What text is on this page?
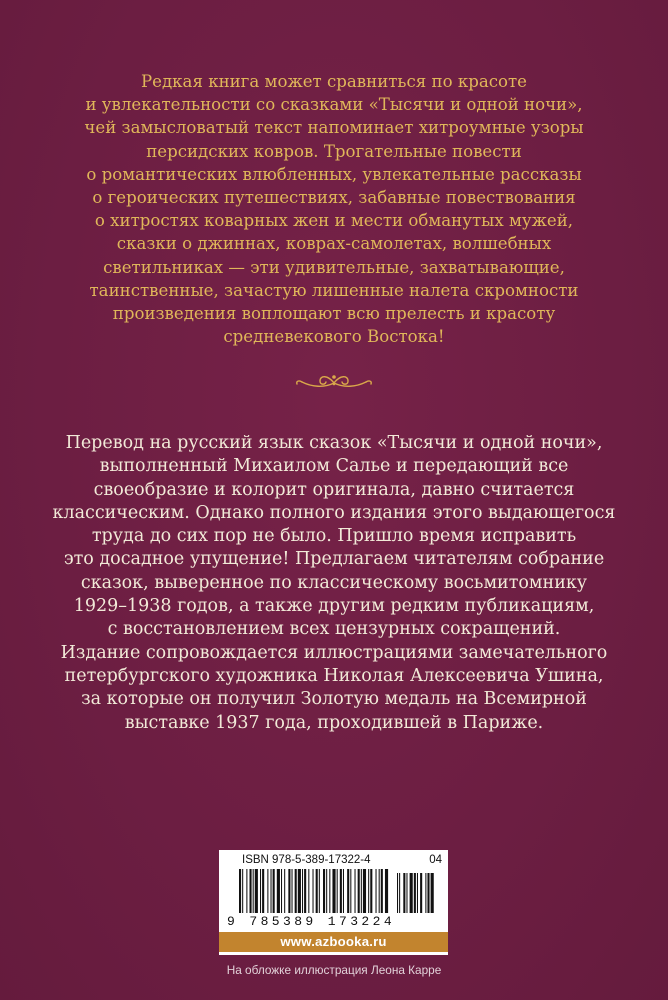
Редкая книга может сравниться по красоте
и увлекательности со сказками «Тысячи и одной ночи»,
чей замысловатый текст напоминает хитроумные узоры
персидских ковров. Трогательные повести
о романтических влюбленных, увлекательные рассказы
о героических путешествиях, забавные повествования
о хитростях коварных жен и мести обманутых мужей,
сказки о джиннах, коврах-самолетах, волшебных
светильниках — эти удивительные, захватывающие,
таинственные, зачастую лишенные налета скромности
произведения воплощают всю прелесть и красоту
средневекового Востока!
Перевод на русский язык сказок «Тысячи и одной ночи»,
выполненный Михаилом Салье и передающий все
своеобразие и колорит оригинала, давно считается
классическим. Однако полного издания этого выдающегося
труда до сих пор не было. Пришло время исправить
это досадное упущение! Предлагаем читателям собрание
сказок, выверенное по классическому восьмитомнику
1929–1938 годов, а также другим редким публикациям,
с восстановлением всех цензурных сокращений.
Издание сопровождается иллюстрациями замечательного
петербургского художника Николая Алексеевича Ушина,
за которые он получил Золотую медаль на Всемирной
выставке 1937 года, проходившей в Париже.
ISBN 978-5-389-17322-4	04
9 785389 173224
www.azbooka.ru
На обложке иллюстрация Леона Карре
